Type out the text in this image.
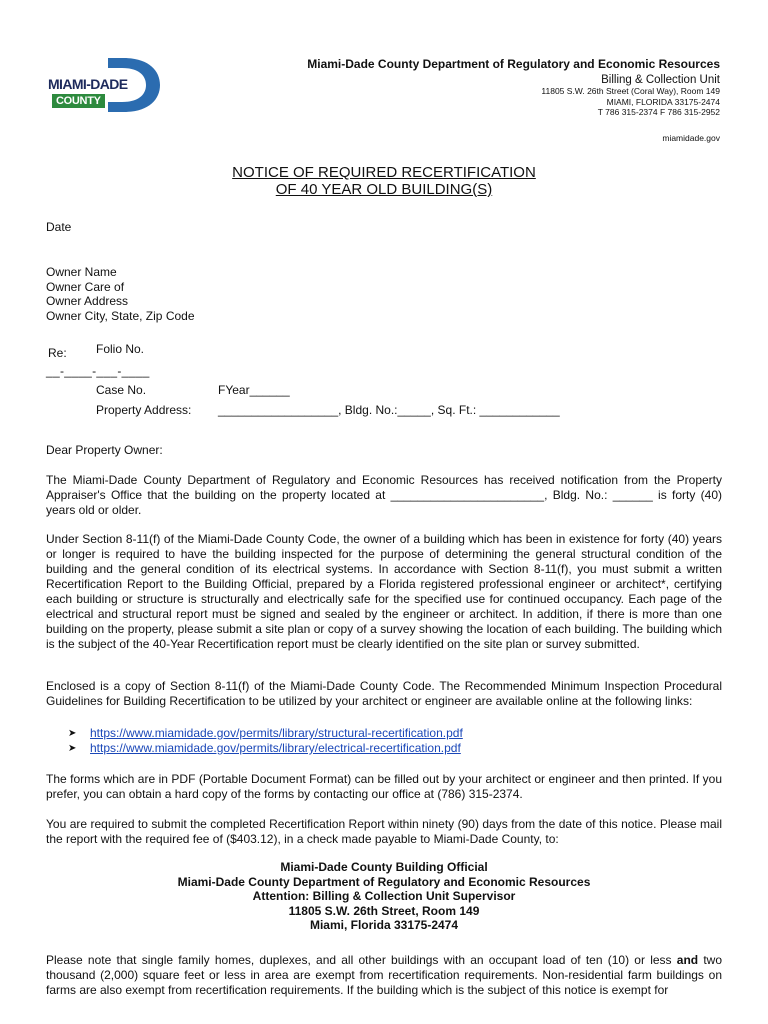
MIAMI-DADE
COUNTY
Miami-Dade County Department of Regulatory and Economic Resources
Billing & Collection Unit
11805 S.W. 26th Street (Coral Way), Room 149
MIAMI, FLORIDA 33175-2474
T 786 315-2374 F 786 315-2952
miamidade.gov
NOTICE OF REQUIRED RECERTIFICATION
OF 40 YEAR OLD BUILDING(S)
Date
Owner Name
Owner Care of
Owner Address
Owner City, State, Zip Code
Re: Folio No.
__-____-___-____
Case No.	FYear______
Property Address: __________________, Bldg. No.:_____, Sq. Ft.: ____________
Dear Property Owner:
The Miami-Dade County Department of Regulatory and Economic Resources has received notification from the Property Appraiser's Office that the building on the property located at _______________________, Bldg. No.: ______ is forty (40) years old or older.
Under Section 8-11(f) of the Miami-Dade County Code, the owner of a building which has been in existence for forty (40) years or longer is required to have the building inspected for the purpose of determining the general structural condition of the building and the general condition of its electrical systems. In accordance with Section 8-11(f), you must submit a written Recertification Report to the Building Official, prepared by a Florida registered professional engineer or architect*, certifying each building or structure is structurally and electrically safe for the specified use for continued occupancy. Each page of the electrical and structural report must be signed and sealed by the engineer or architect. In addition, if there is more than one building on the property, please submit a site plan or copy of a survey showing the location of each building. The building which is the subject of the 40-Year Recertification report must be clearly identified on the site plan or survey submitted.
Enclosed is a copy of Section 8-11(f) of the Miami-Dade County Code. The Recommended Minimum Inspection Procedural Guidelines for Building Recertification to be utilized by your architect or engineer are available online at the following links:
➤ https://www.miamidade.gov/permits/library/structural-recertification.pdf
➤ https://www.miamidade.gov/permits/library/electrical-recertification.pdf
The forms which are in PDF (Portable Document Format) can be filled out by your architect or engineer and then printed. If you prefer, you can obtain a hard copy of the forms by contacting our office at (786) 315-2374.
You are required to submit the completed Recertification Report within ninety (90) days from the date of this notice. Please mail the report with the required fee of ($403.12), in a check made payable to Miami-Dade County, to:
Miami-Dade County Building Official
Miami-Dade County Department of Regulatory and Economic Resources
Attention: Billing & Collection Unit Supervisor
11805 S.W. 26th Street, Room 149
Miami, Florida 33175-2474
Please note that single family homes, duplexes, and all other buildings with an occupant load of ten (10) or less and two thousand (2,000) square feet or less in area are exempt from recertification requirements. Non-residential farm buildings on farms are also exempt from recertification requirements. If the building which is the subject of this notice is exempt for
